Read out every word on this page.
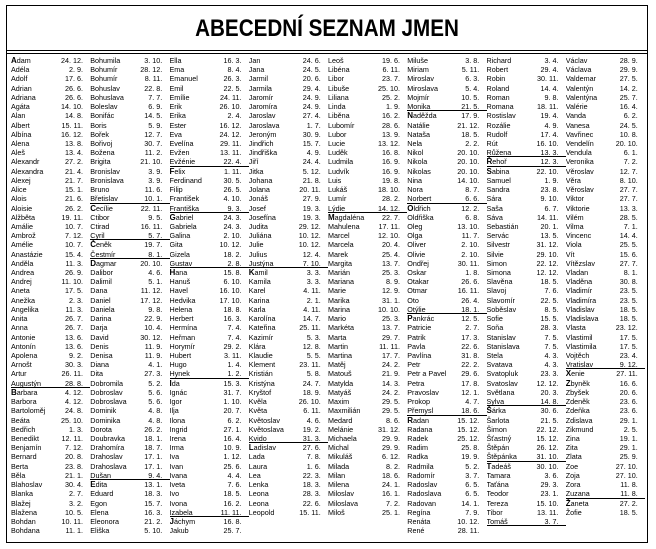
ABECEDNÍ SEZNAM JMEN
Adam	24. 12.
Adéla	2. 9.
Adolf	17. 6.
Adrian	26. 6.
Adriana	26. 6.
Agáta	14. 10.
Alan	14. 8.
Albert	15. 11.
Albína	16. 12.
Alena	13. 8.
Aleš	13. 4.
Alexandr	27. 2.
Alexandra	21. 4.
Alexej	21. 7.
Alice	15. 1.
Alois	21. 6.
Aloisie	26. 2.
Alžběta	19. 11.
Amálie	10. 7.
Ambrož	7. 12.
Amélie	10. 7.
Anastázie	15. 4.
Anděla	11. 3.
Andrea	26. 9.
Andrej	11. 10.
Aneta	17. 5.
Anežka	2. 3.
Angelika	11. 3.
Anita	26. 7.
Anna	26. 7.
Antonie	13. 6.
Antonín	13. 6.
Apolena	9. 2.
Arnošt	30. 3.
Artur	26. 11.
Augustýn	28. 8.
Barbara	4. 12.
Barbora	4. 12.
Bartoloměj	24. 8.
Beáta	25. 10.
Bedřich	1. 3.
Benedikt	12. 11.
Benjamín	7. 12.
Bernard	20. 8.
Berta	23. 8.
Běla	21. 1.
Blahoslav	30. 4.
Blanka	2. 7.
Blažej	3. 2.
Blažena	10. 5.
Bohdan	10. 11.
Bohdana	11. 1.
Bohumila	3. 10.
Bohumír	28. 12.
Bohumír	8. 11.
Bohuslav	22. 8.
Bohuslava	7. 7.
Boleslav	6. 9.
Bonifác	14. 5.
Boris	5. 9.
Bořek	12. 7.
Bořivoj	30. 7.
Božena	11. 2.
Brigita	21. 10.
Bronislav	3. 9.
Bronislava	3. 9.
Bruno	11. 6.
Břetislav	10. 1.
Cecílie	22. 11.
Ctibor	9. 5.
Ctirad	16. 11.
Cyril	5. 7.
Čeněk	19. 7.
Čestmír	8. 1.
Dagmar	20. 10.
Dalibor	4. 6.
Dalimil	5. 1.
Dana	11. 12.
Daniel	17. 12.
Daniela	9. 8.
Darina	22. 9.
Darja	10. 4.
David	30. 12.
Denis	11. 9.
Denisa	11. 9.
Diana	4. 1.
Dita	27. 3.
Dobromila	5. 2.
Dobroslav	5. 6.
Dobroslava	5. 6.
Dominik	4. 8.
Dominika	4. 8.
Dorota	26. 2.
Doubravka	18. 1.
Drahomíra	18. 7.
Drahoslav	17. 1.
Drahoslava	17. 1.
Dušan	9. 4.
Edita	13. 1.
Eduard	18. 3.
Egon	15. 7.
Elena	16. 3.
Eleonora	21. 2.
Eliška	5. 10.
Ella	16. 3.
Ema	8. 4.
Emanuel	26. 3.
Emil	22. 5.
Emílie	24. 11.
Erik	26. 10.
Erika	2. 4.
Ester	16. 12.
Eva	24. 12.
Evelína	29. 11.
Evžen	13. 11.
Evžénie	22. 4.
Felix	1. 11.
Ferdinand	30. 5.
Filip	26. 5.
František	4. 10.
Františka	9. 3.
Gabriel	24. 3.
Gabriela	24. 3.
Galina	2. 10.
Gita	10. 12.
Gizela	18. 2.
Gustav	2. 8.
Hana	15. 8.
Hanuš	6. 10.
Havel	16. 10.
Hedvika	17. 10.
Helena	18. 8.
Herbert	16. 3.
Hermína	7. 4.
Heřman	7. 4.
Horymír	29. 2.
Hubert	3. 11.
Hugo	1. 4.
Hynek	1. 2.
Ida	15. 3.
Ignác	31. 7.
Igor	1. 10.
Ilja	20. 7.
Ilona	6. 2.
Ingrid	27. 1.
Irena	16. 4.
Irma	10. 9.
Iva	1. 12.
Ivan	25. 6.
Ivana	4. 4.
Iveta	7. 6.
Ivo	18. 5.
Ivona	16. 2.
Izabela	11. 11.
Jáchym	16. 8.
Jakub	25. 7.
Jan	24. 6.
Jana	24. 5.
Jarmil	20. 6.
Jarmila	29. 4.
Jaromír	24. 9.
Jaromíra	24. 9.
Jaroslav	27. 4.
Jaroslava	1. 7.
Jeroným	30. 9.
Jindřich	15. 7.
Jindřiška	4. 9.
Jiří	24. 4.
Jitka	5. 12.
Johana	21. 8.
Jolana	20. 11.
Jonáš	27. 9.
Josef	19. 3.
Josefína	19. 3.
Judita	29. 12.
Juliána	10. 12.
Julie	10. 12.
Julius	12. 4.
Justýna	7. 10.
Kamil	3. 3.
Kamila	3. 3.
Karel	4. 11.
Karina	2. 1.
Karla	4. 11.
Karolína	14. 7.
Kateřina	25. 11.
Kazimír	5. 3.
Klára	12. 8.
Klaudie	5. 5.
Klement	23. 11.
Kristián	5. 8.
Kristýna	24. 7.
Kryštof	18. 9.
Kvěla	26. 10.
Květa	6. 11.
Květoslav	4. 6.
Květoslava	19. 2.
Kvido	31. 3.
Ladislav	27. 6.
Lada	7. 8.
Laura	1. 6.
Lea	22. 3.
Lenka	18. 3.
Leona	28. 3.
Leona	22. 6.
Leopold	15. 11.
Leoš	19. 6.
Libéna	6. 11.
Libor	23. 7.
Libuše	25. 10.
Liliana	25. 2.
Linda	1. 9.
Liběna	16. 2.
Lubomír	28. 6.
Lubor	13. 9.
Lucie	13. 12.
Luděk	16. 8.
Ludmila	16. 9.
Ludvík	16. 9.
Luis	19. 8.
Lukáš	18. 10.
Lumír	28. 2.
Lýdie	14. 12.
Magdaléna	22. 7.
Mahulena	17. 11.
Marcel	12. 10.
Marcela	20. 4.
Marek	25. 4.
Margita	13. 7.
Marián	25. 3.
Mariana	8. 9.
Marie	12. 9.
Marika	31. 1.
Marina	10. 10.
Mario	25. 3.
Markéta	13. 7.
Marta	29. 7.
Martin	11. 11.
Martina	17. 7.
Matěj	24. 2.
Matouš	21. 9.
Matylda	14. 3.
Matyáš	24. 2.
Maxim	29. 5.
Maxmilián	29. 5.
Medard	8. 6.
Melánie	31. 12.
Michaela	29. 9.
Michal	29. 9.
Mikuláš	6. 12.
Milada	8. 2.
Milan	18. 6.
Milena	24. 1.
Miloslav	16. 1.
Miloslava	7. 2.
Miloš	25. 1.
Miluše	3. 8.
Miriam	5. 11.
Miroslav	6. 3.
Miroslava	5. 4.
Mojmír	10. 5.
Monika	21. 5.
Naděžda	17. 9.
Natálie	21. 12.
Nataša	18. 5.
Nela	2. 2.
Nikol	20. 10.
Nikola	20. 10.
Nikolas	20. 10.
Nina	14. 10.
Nora	8. 7.
Norbert	6. 6.
Oldřich	12. 2.
Oldřiška	6. 8.
Oleg	13. 10.
Olga	11. 7.
Oliver	2. 10.
Olivie	2. 10.
Ondřej	30. 11.
Oskar	1. 8.
Otakar	26. 6.
Otmar	16. 11.
Oto	26. 4.
Otýlie	18. 1.
Pankrác	12. 5.
Patricie	2. 7.
Patrik	17. 3.
Pavla	22. 6.
Pavlína	31. 8.
Petr	22. 2.
Petr a Pavel	29. 6.
Petra	17. 8.
Pravoslav	12. 1.
Prokop	4. 7.
Přemysl	18. 6.
Radan	15. 12.
Radana	15. 12.
Radek	25. 12.
Radim	25. 8.
Radka	19. 9.
Radmila	5. 2.
Radomír	3. 7.
Radoslav	6. 5.
Radoslava	6. 5.
Radovan	14. 1.
Regína	7. 9.
Renáta	10. 12.
René	28. 11.
Richard	3. 4.
Robert	29. 4.
Robin	30. 11.
Roland	14. 4.
Roman	9. 8.
Romana	18. 11.
Rostislav	19. 4.
Rozálie	4. 9.
Rudolf	17. 4.
Rút	16. 10.
Růžena	13. 3.
Řehoř	12. 3.
Sabina	22. 10.
Samuel	1. 9.
Sandra	23. 8.
Sára	9. 10.
Saša	6. 7.
Sáva	14. 11.
Sebastián	20. 1.
Servác	13. 5.
Silvestr	31. 12.
Silvie	29. 10.
Simon	22. 12.
Simona	12. 12.
Slavěna	18. 5.
Slavoj	7. 6.
Slavomír	22. 5.
Soběslav	8. 5.
Sofie	15. 5.
Soňa	28. 3.
Stanislav	7. 5.
Stanislava	7. 5.
Stela	4. 3.
Svatava	4. 3.
Svatopluk	23. 3.
Svatoslav	12. 12.
Světlana	20. 3.
Sylva	14. 8.
Šárka	30. 6.
Šarlota	21. 5.
Šimon	22. 12.
Šťastný	15. 12.
Štěpán	26. 12.
Štěpánka	31. 10.
Tadeáš	30. 10.
Tamara	3. 6.
Taťána	29. 3.
Teodor	23. 1.
Tereza	15. 10.
Tibor	13. 11.
Tomáš	3. 7.
Václav	28. 9.
Václava	29. 9.
Valdemar	27. 5.
Valentýn	14. 2.
Valentýna	25. 7.
Valérie	16. 4.
Vanda	6. 2.
Vanesa	24. 5.
Vavřinec	10. 8.
Vendelín	20. 10.
Vendula	6. 1.
Veronika	7. 2.
Věroslav	12. 7.
Věra	8. 10.
Věroslav	27. 7.
Viktor	27. 7.
Viktorie	13. 3.
Vilém	28. 5.
Vilma	7. 1.
Vincenc	14. 4.
Viola	25. 5.
Vít	15. 6.
Vítězslav	27. 7.
Vladan	8. 1.
Vladěna	30. 8.
Vladimír	23. 5.
Vladimíra	23. 5.
Vladislav	18. 5.
Vladislava	18. 5.
Vlasta	23. 12.
Vlastimil	17. 5.
Vlastimila	17. 5.
Vojtěch	23. 4.
Vratislav	9. 12.
Xenie	27. 11.
Zbyněk	16. 6.
Zbyšek	20. 6.
Zdeněk	23. 6.
Zdeňka	23. 6.
Zdislava	29. 1.
Zikmund	2. 5.
Zina	19. 1.
Zita	29. 1.
Zlata	25. 9.
Zoe	27. 10.
Zoja	27. 10.
Zora	11. 8.
Zuzana	11. 8.
Žaneta	27. 2.
Žofie	18. 5.
